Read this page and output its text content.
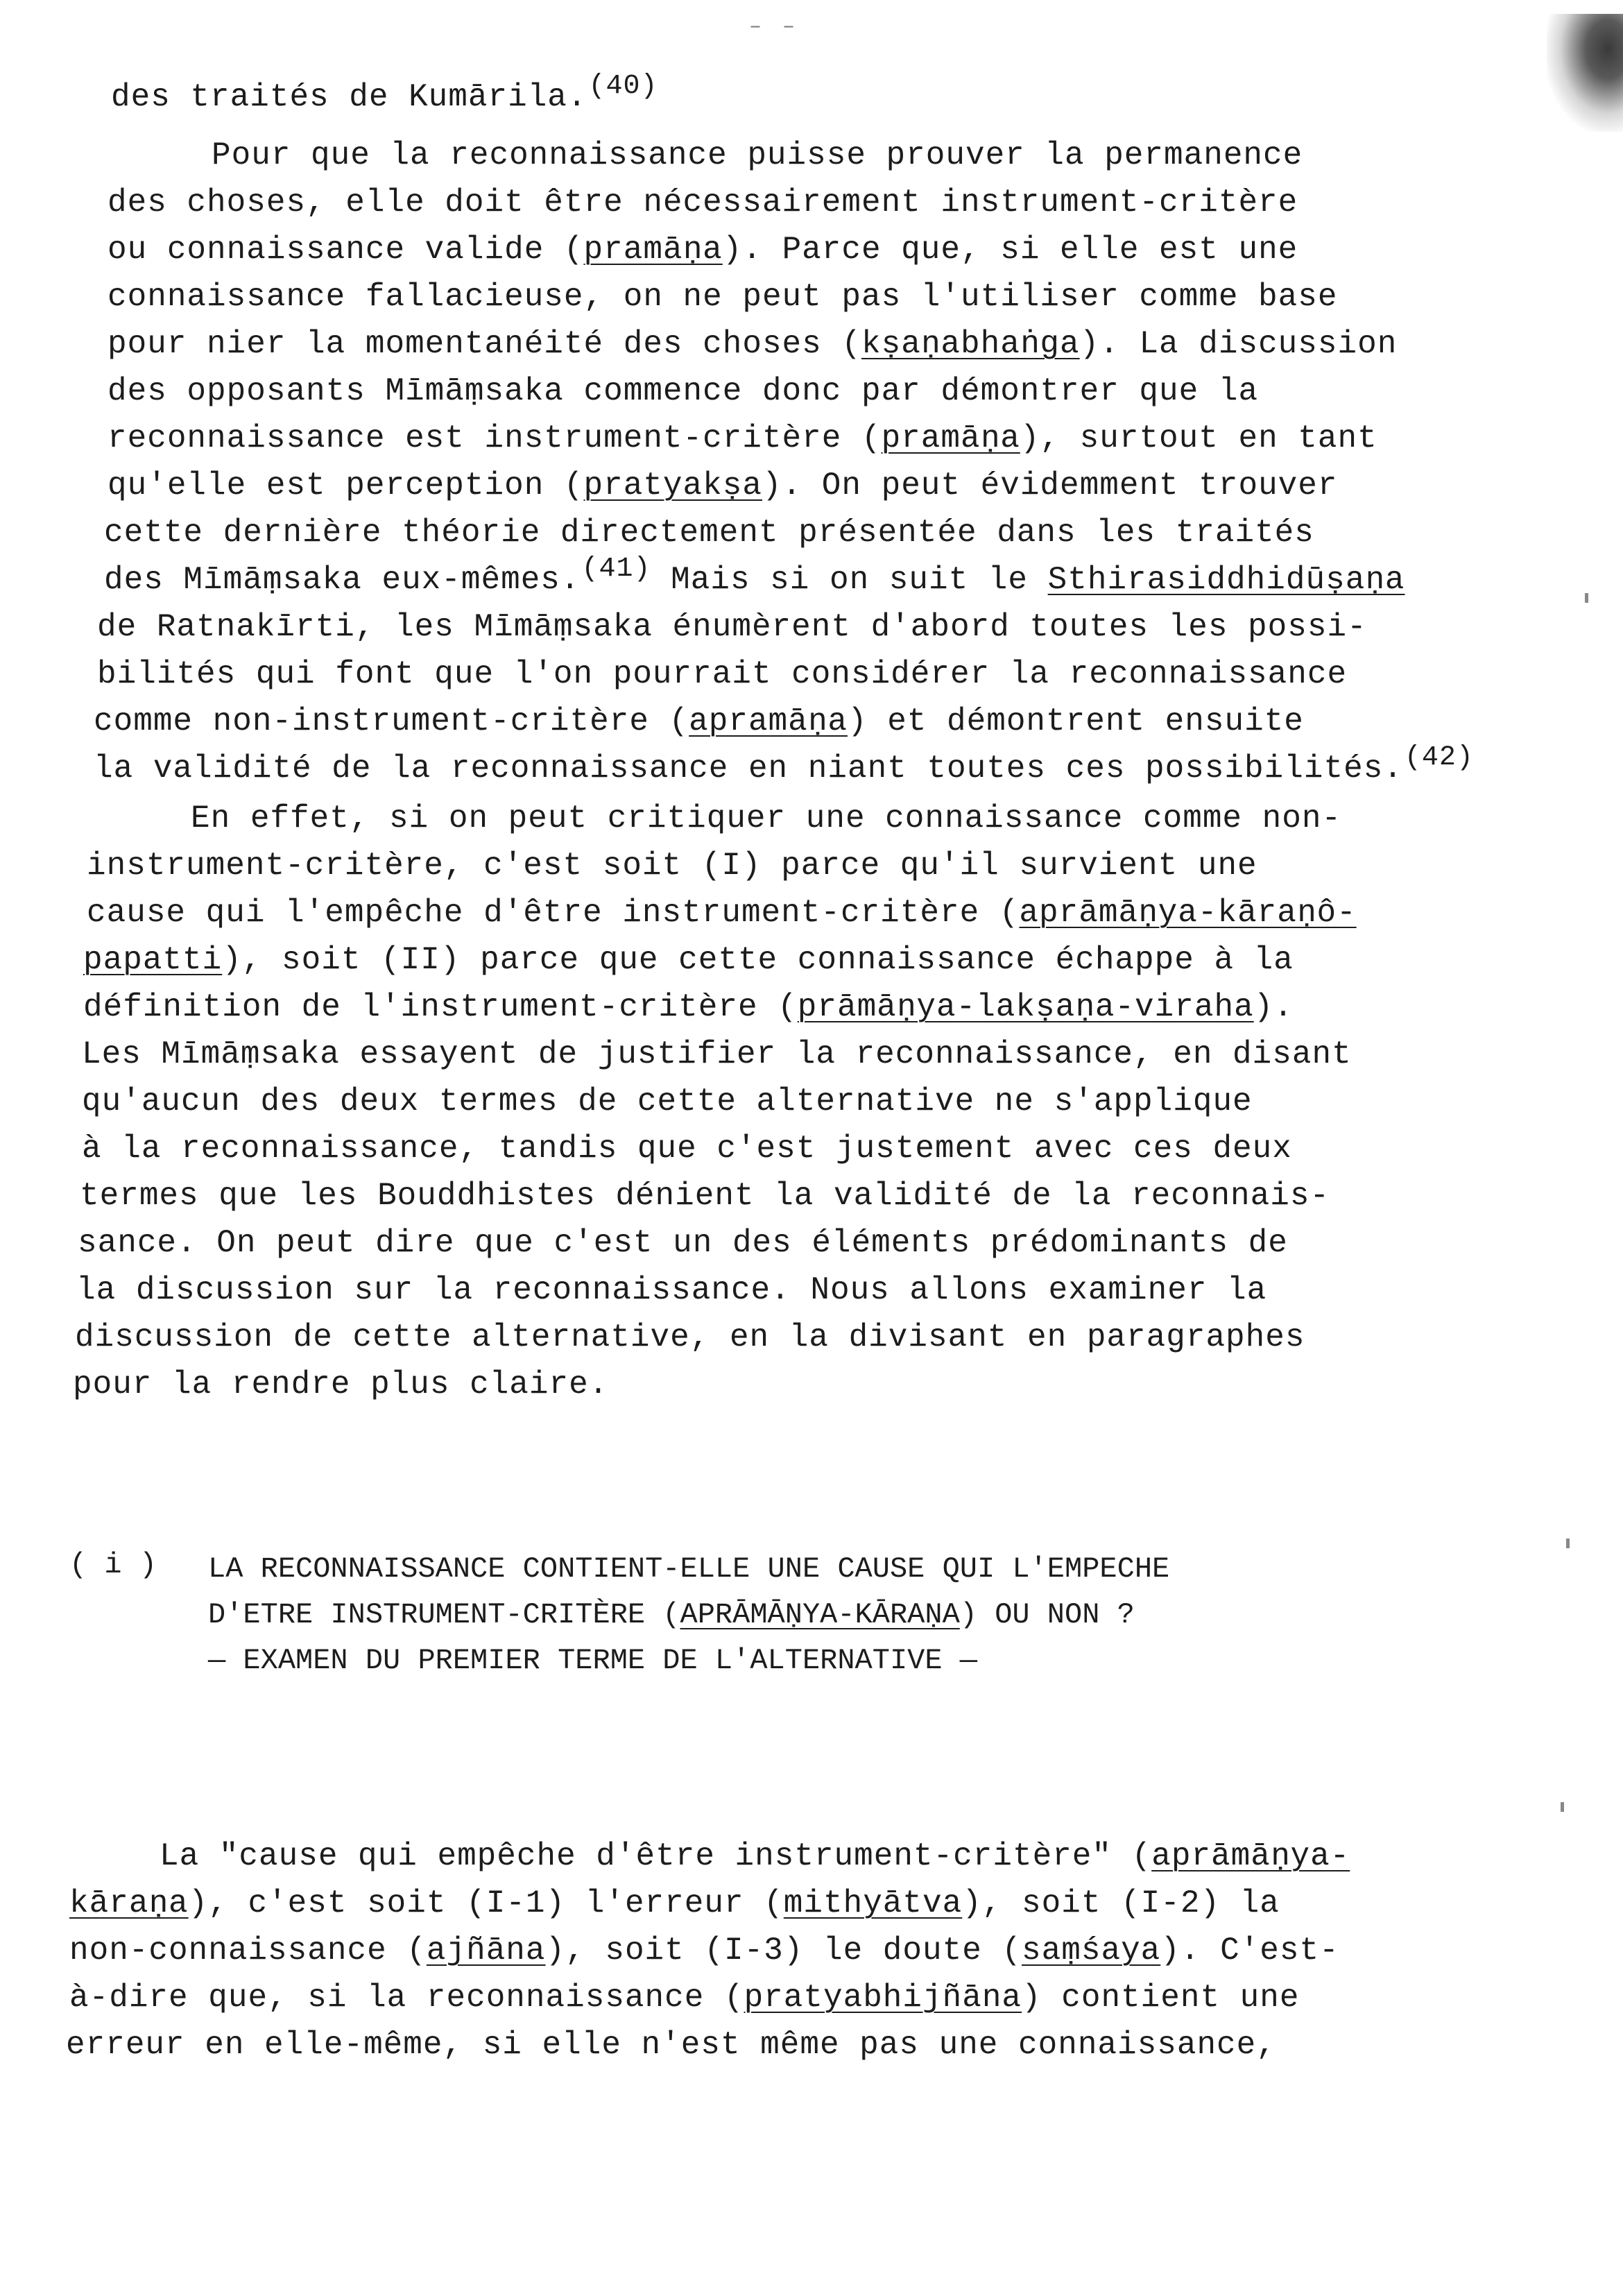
– –
des traités de Kumārila.$^{(40)}$
Pour que la reconnaissance puisse prouver la permanence
des choses, elle doit être nécessairement instrument-critère
ou connaissance valide (pramāṇa). Parce que, si elle est une
connaissance fallacieuse, on ne peut pas l'utiliser comme base
pour nier la momentanéité des choses (kṣaṇabhaṅga). La discussion
des opposants Mīmāṃsaka commence donc par démontrer que la
reconnaissance est instrument-critère (pramāṇa), surtout en tant
qu'elle est perception (pratyakṣa). On peut évidemment trouver
cette dernière théorie directement présentée dans les traités
des Mīmāṃsaka eux-mêmes.$^{(41)}$ Mais si on suit le Sthirasiddhidūṣaṇa
de Ratnakīrti, les Mīmāṃsaka énumèrent d'abord toutes les possi-
bilités qui font que l'on pourrait considérer la reconnaissance
comme non-instrument-critère (apramāṇa) et démontrent ensuite
la validité de la reconnaissance en niant toutes ces possibilités.$^{(42)}$
En effet, si on peut critiquer une connaissance comme non-
instrument-critère, c'est soit (I) parce qu'il survient une
cause qui l'empêche d'être instrument-critère (aprāmāṇya-kāraṇô-
papatti), soit (II) parce que cette connaissance échappe à la
définition de l'instrument-critère (prāmāṇya-lakṣaṇa-viraha).
Les Mīmāṃsaka essayent de justifier la reconnaissance, en disant
qu'aucun des deux termes de cette alternative ne s'applique
à la reconnaissance, tandis que c'est justement avec ces deux
termes que les Bouddhistes dénient la validité de la reconnais-
sance. On peut dire que c'est un des éléments prédominants de
la discussion sur la reconnaissance. Nous allons examiner la
discussion de cette alternative, en la divisant en paragraphes
pour la rendre plus claire.
( i ) LA RECONNAISSANCE CONTIENT-ELLE UNE CAUSE QUI L'EMPECHE
D'ETRE INSTRUMENT-CRITÈRE (APRĀMĀṆYA-KĀRAṆA) OU NON ?
— EXAMEN DU PREMIER TERME DE L'ALTERNATIVE —
La "cause qui empêche d'être instrument-critère" (aprāmāṇya-
kāraṇa), c'est soit (I-1) l'erreur (mithyātva), soit (I-2) la
non-connaissance (ajñāna), soit (I-3) le doute (saṃśaya). C'est-
à-dire que, si la reconnaissance (pratyabhijñāna) contient une
erreur en elle-même, si elle n'est même pas une connaissance,
